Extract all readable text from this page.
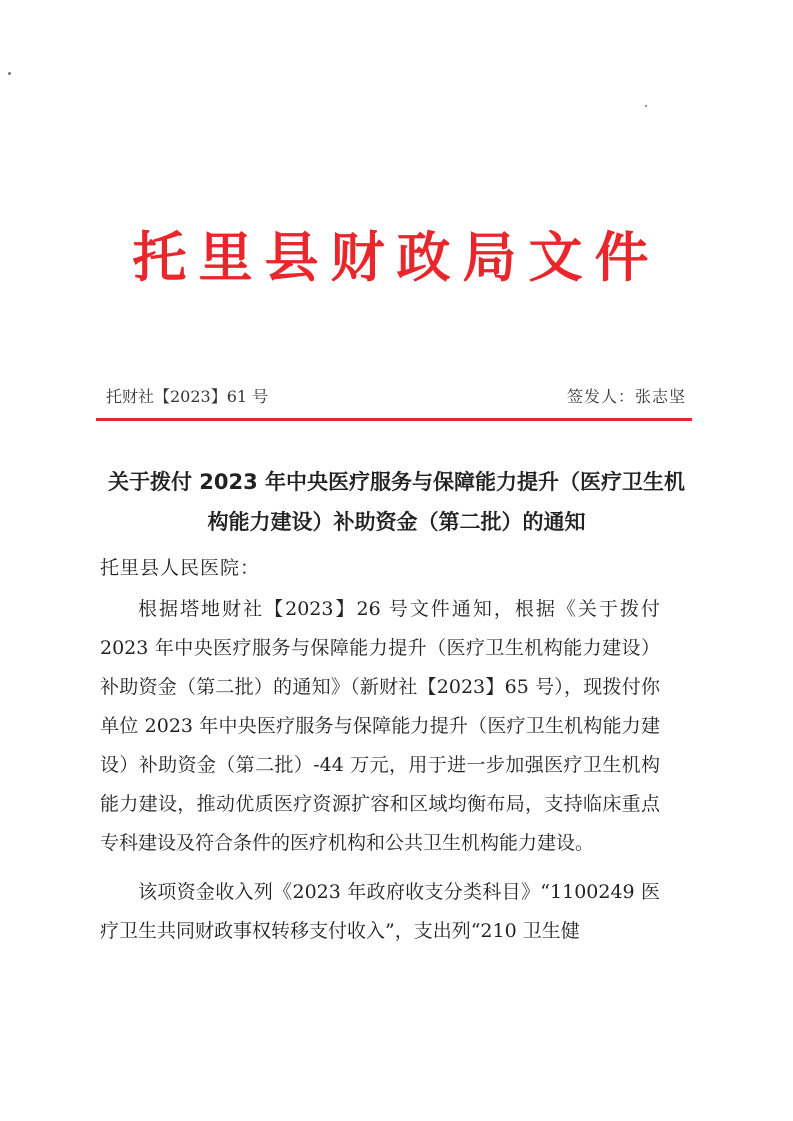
托里县财政局文件
托财社【2023】61 号	签发人：张志坚
关于拨付 2023 年中央医疗服务与保障能力提升（医疗卫生机构能力建设）补助资金（第二批）的通知
托里县人民医院：

根据塔地财社【2023】26 号文件通知，根据《关于拨付 2023 年中央医疗服务与保障能力提升（医疗卫生机构能力建设）补助资金（第二批）的通知》（新财社【2023】65 号），现拨付你单位 2023 年中央医疗服务与保障能力提升（医疗卫生机构能力建设）补助资金（第二批）-44 万元，用于进一步加强医疗卫生机构能力建设，推动优质医疗资源扩容和区域均衡布局，支持临床重点专科建设及符合条件的医疗机构和公共卫生机构能力建设。

该项资金收入列《2023 年政府收支分类科目》“1100249 医疗卫生共同财政事权转移支付收入”，支出列“210 卫生健
